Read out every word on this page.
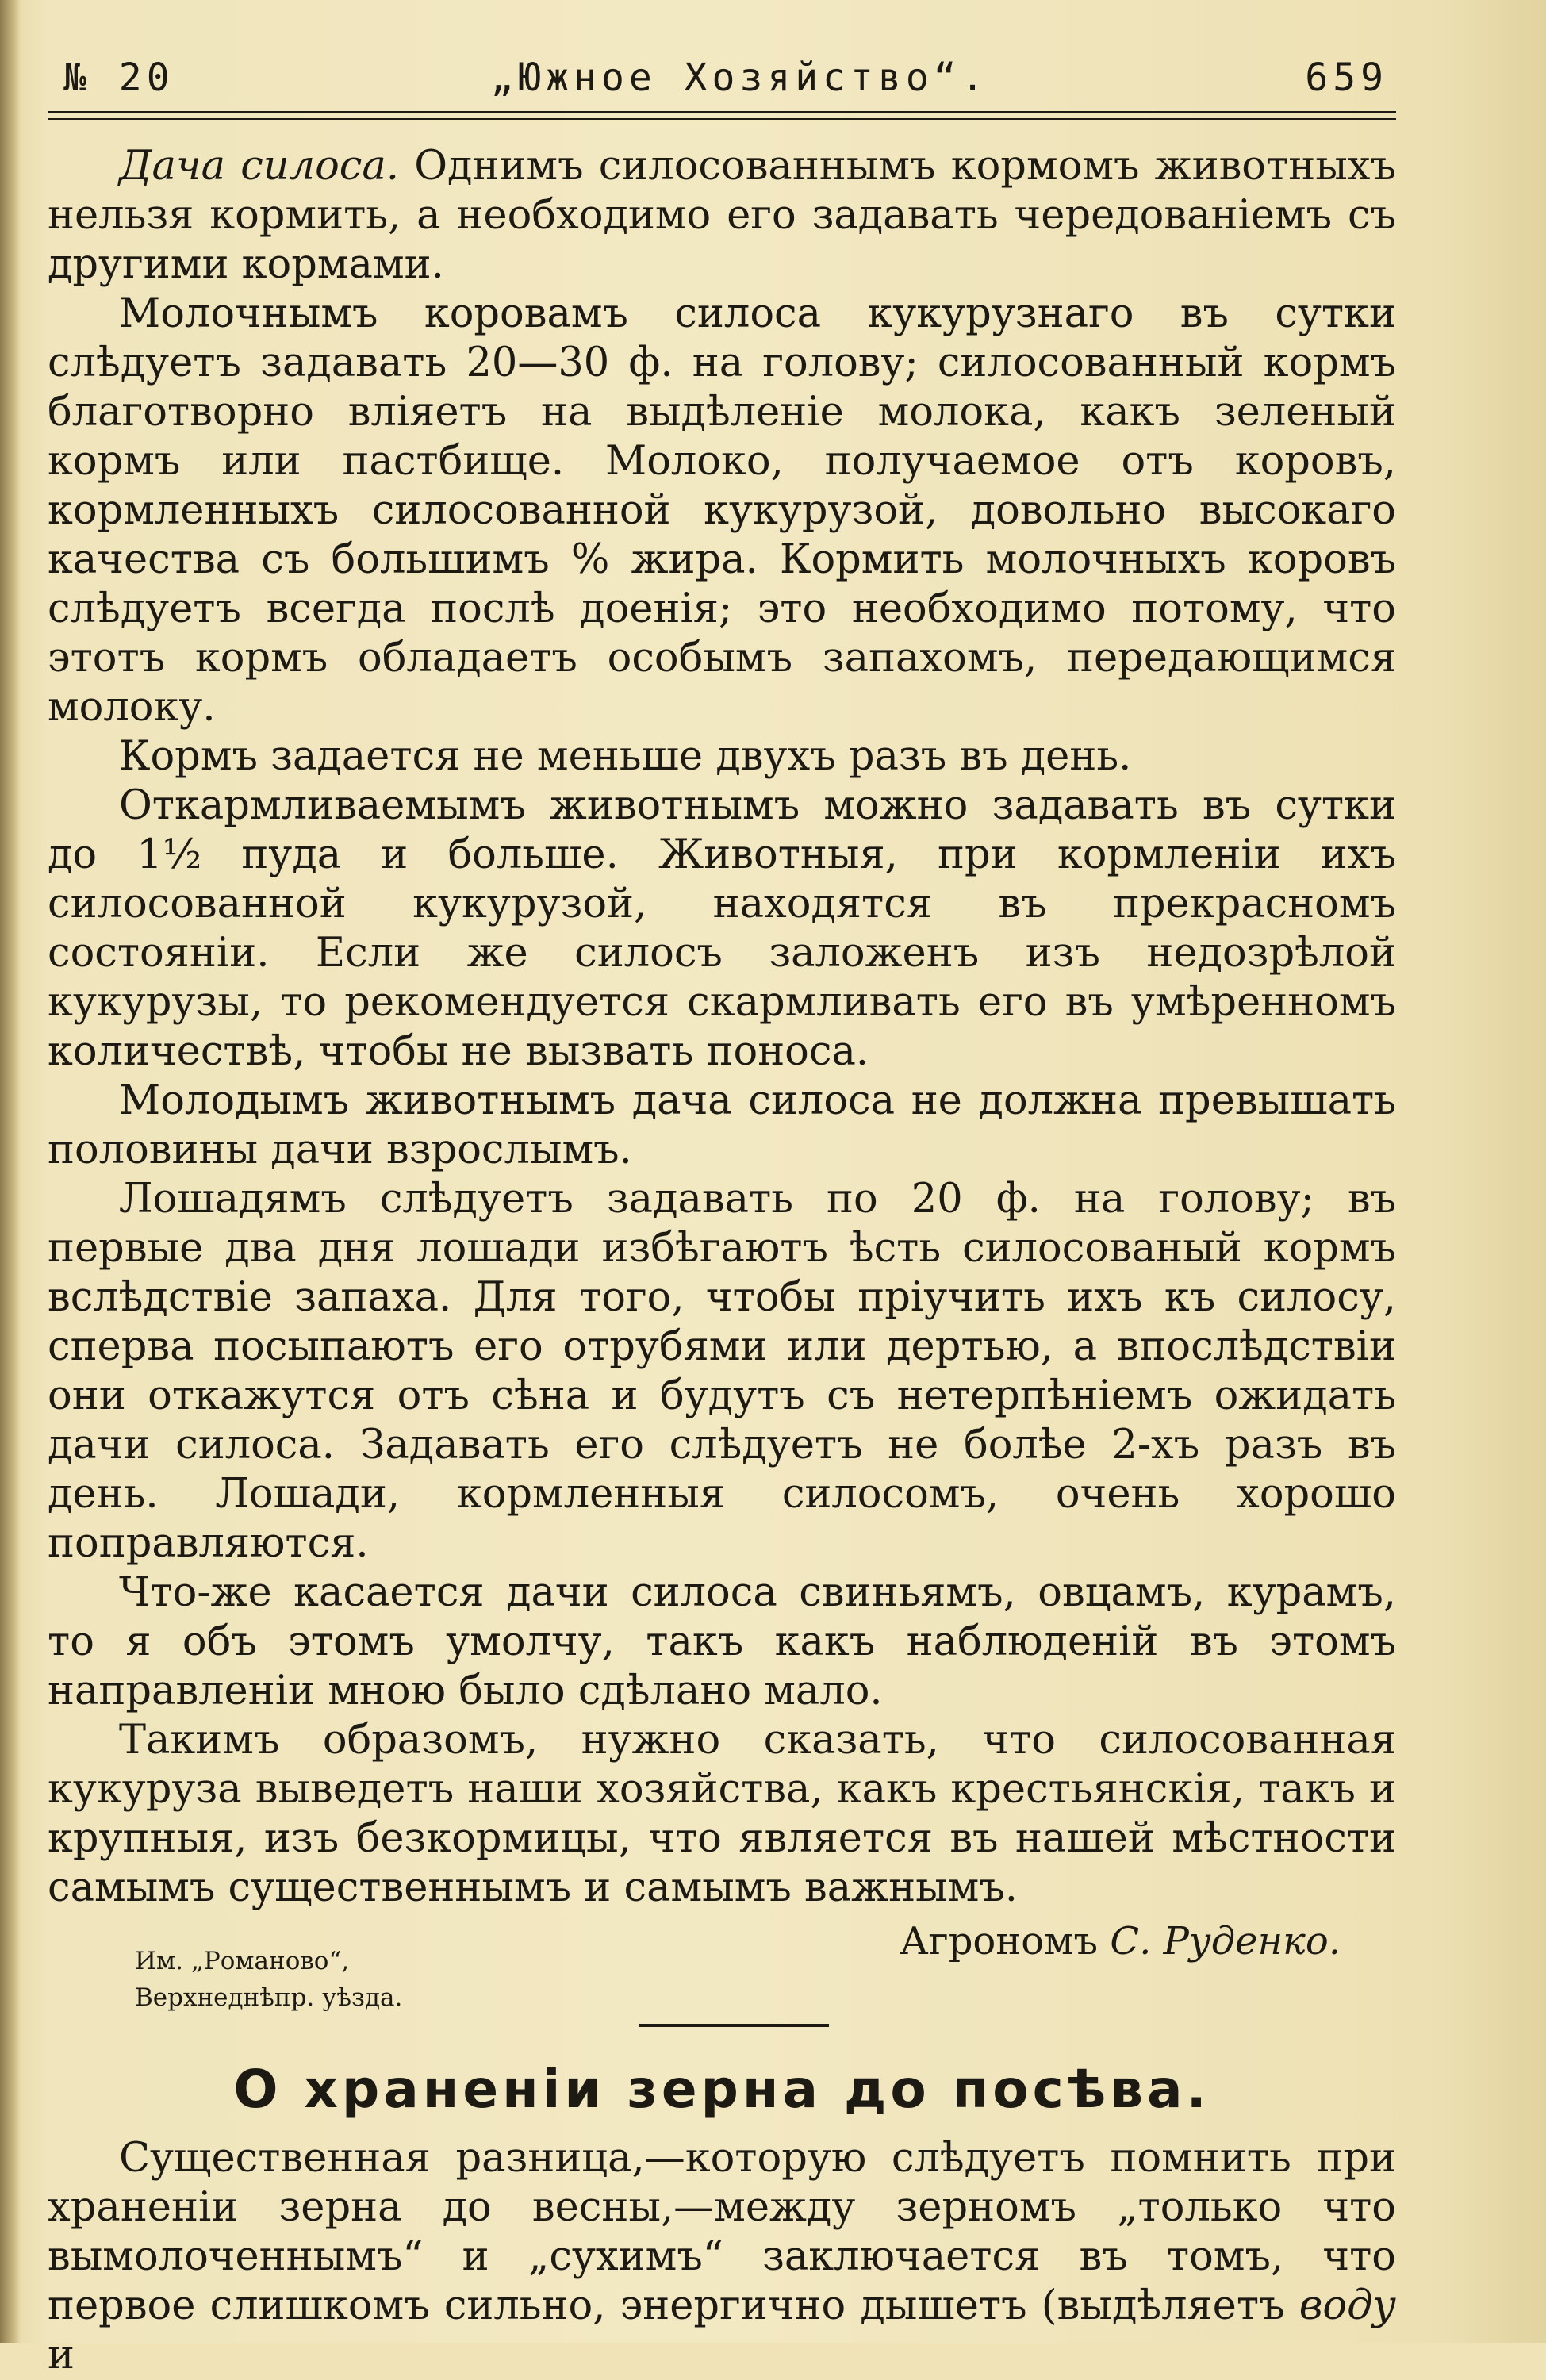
№ 20	„Южное Хозяйство“.	659

Дача силоса. Однимъ силосованнымъ кормомъ животныхъ нельзя кормить, а необходимо его задавать чередованіемъ съ другими кормами.

Молочнымъ коровамъ силоса кукурузнаго въ сутки слѣдуетъ задавать 20—30 ф. на голову; силосованный кормъ благотворно вліяетъ на выдѣленіе молока, какъ зеленый кормъ или пастбище. Молоко, получаемое отъ коровъ, кормленныхъ силосованной кукурузой, довольно высокаго качества съ большимъ % жира. Кормить молочныхъ коровъ слѣдуетъ всегда послѣ доенія; это необходимо потому, что этотъ кормъ обладаетъ особымъ запахомъ, передающимся молоку.

Кормъ задается не меньше двухъ разъ въ день.

Откармливаемымъ животнымъ можно задавать въ сутки до 1½ пуда и больше. Животныя, при кормленіи ихъ силосованной кукурузой, находятся въ прекрасномъ состояніи. Если же силосъ заложенъ изъ недозрѣлой кукурузы, то рекомендуется скармливать его въ умѣренномъ количествѣ, чтобы не вызвать поноса.

Молодымъ животнымъ дача силоса не должна превышать половины дачи взрослымъ.

Лошадямъ слѣдуетъ задавать по 20 ф. на голову; въ первые два дня лошади избѣгаютъ ѣсть силосованый кормъ вслѣдствіе запаха. Для того, чтобы пріучить ихъ къ силосу, сперва посыпаютъ его отрубями или дертью, а впослѣдствіи они откажутся отъ сѣна и будутъ съ нетерпѣніемъ ожидать дачи силоса. Задавать его слѣдуетъ не болѣе 2-хъ разъ въ день. Лошади, кормленныя силосомъ, очень хорошо поправляются.

Что-же касается дачи силоса свиньямъ, овцамъ, курамъ, то я объ этомъ умолчу, такъ какъ наблюденій въ этомъ направленіи мною было сдѣлано мало.

Такимъ образомъ, нужно сказать, что силосованная кукуруза выведетъ наши хозяйства, какъ крестьянскія, такъ и крупныя, изъ безкормицы, что является въ нашей мѣстности самымъ существеннымъ и самымъ важнымъ.

Им. „Романово“,
Верхнеднѣпр. уѣзда.
Агрономъ С. Руденко.
О храненіи зерна до посѣва.

Существенная разница,—которую слѣдуетъ помнить при храненіи зерна до весны,—между зерномъ „только что вымолоченнымъ“ и „сухимъ“ заключается въ томъ, что первое слишкомъ сильно, энергично дышетъ (выдѣляетъ воду и
